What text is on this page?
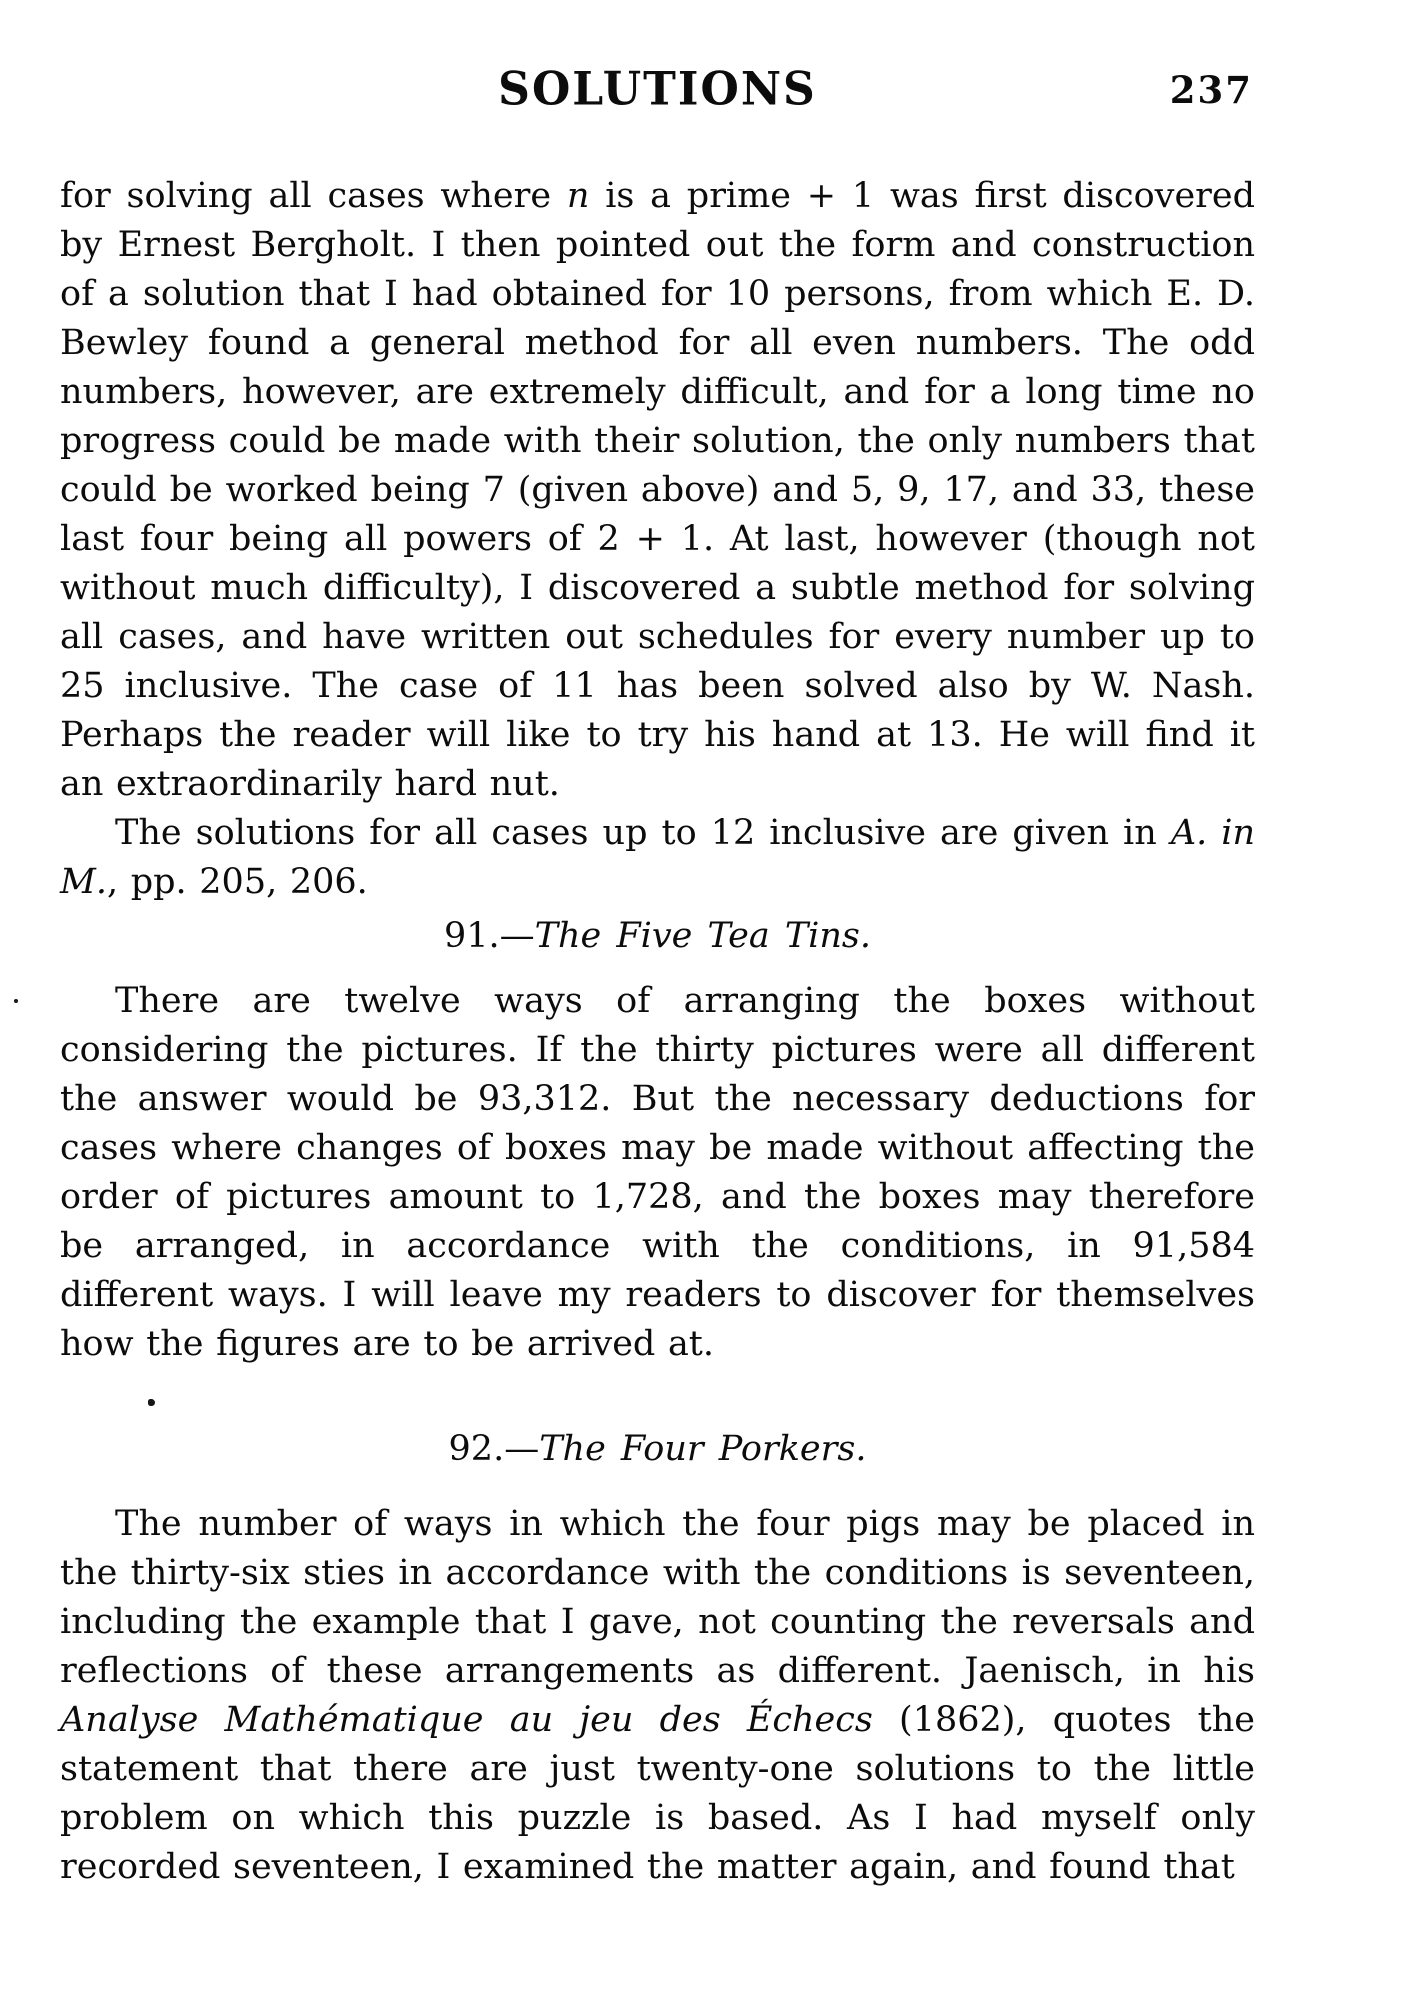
SOLUTIONS	237

for solving all cases where n is a prime + 1 was first discovered by Ernest Bergholt. I then pointed out the form and construction of a solution that I had obtained for 10 persons, from which E. D. Bewley found a general method for all even numbers. The odd numbers, however, are extremely difficult, and for a long time no progress could be made with their solution, the only numbers that could be worked being 7 (given above) and 5, 9, 17, and 33, these last four being all powers of 2 + 1. At last, however (though not without much difficulty), I discovered a subtle method for solving all cases, and have written out schedules for every number up to 25 inclusive. The case of 11 has been solved also by W. Nash. Perhaps the reader will like to try his hand at 13. He will find it an extraordinarily hard nut.

The solutions for all cases up to 12 inclusive are given in A. in M., pp. 205, 206.

91.—The Five Tea Tins.

There are twelve ways of arranging the boxes without considering the pictures. If the thirty pictures were all different the answer would be 93,312. But the necessary deductions for cases where changes of boxes may be made without affecting the order of pictures amount to 1,728, and the boxes may therefore be arranged, in accordance with the conditions, in 91,584 different ways. I will leave my readers to discover for themselves how the figures are to be arrived at.

92.—The Four Porkers.

The number of ways in which the four pigs may be placed in the thirty-six sties in accordance with the conditions is seventeen, including the example that I gave, not counting the reversals and reflections of these arrangements as different. Jaenisch, in his Analyse Mathématique au jeu des Échecs (1862), quotes the statement that there are just twenty-one solutions to the little problem on which this puzzle is based. As I had myself only recorded seventeen, I examined the matter again, and found that
